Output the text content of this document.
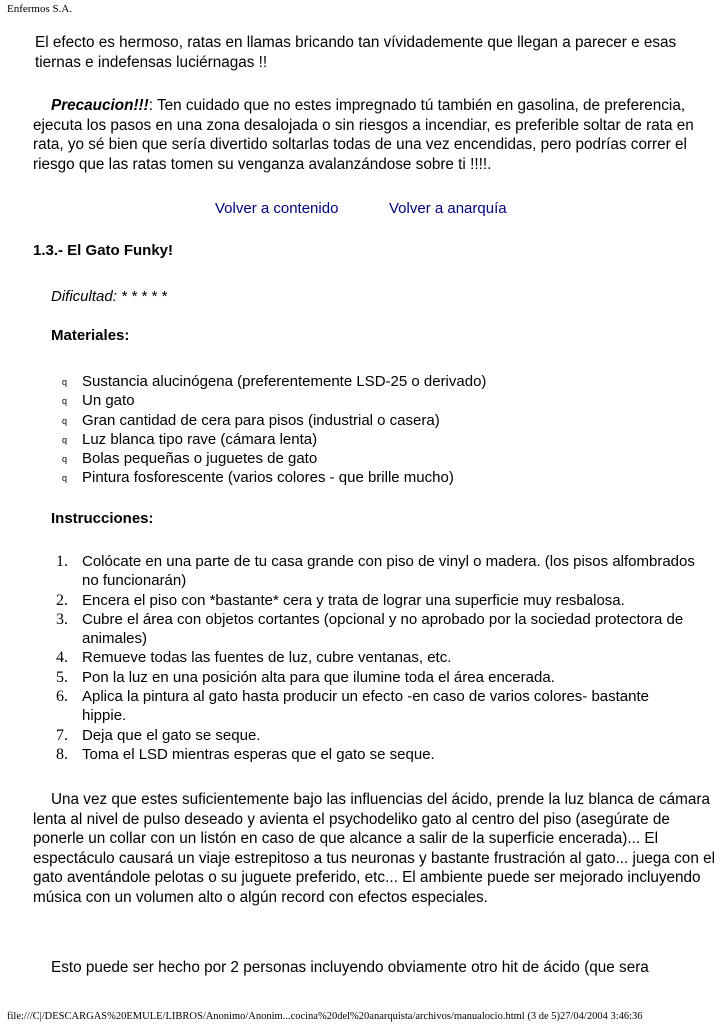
Enfermos S.A.
El efecto es hermoso, ratas en llamas bricando tan vívidademente que llegan a parecer e esas tiernas e indefensas luciérnagas !!
Precaucion!!!: Ten cuidado que no estes impregnado tú también en gasolina, de preferencia, ejecuta los pasos en una zona desalojada o sin riesgos a incendiar, es preferible soltar de rata en rata, yo sé bien que sería divertido soltarlas todas de una vez encendidas, pero podrías correr el riesgo que las ratas tomen su venganza avalanzándose sobre ti !!!!.
Volver a contenido	Volver a anarquía
1.3.- El Gato Funky!
Dificultad: * * * * *
Materiales:
q Sustancia alucinógena (preferentemente LSD-25 o derivado)
q Un gato
q Gran cantidad de cera para pisos (industrial o casera)
q Luz blanca tipo rave (cámara lenta)
q Bolas pequeñas o juguetes de gato
q Pintura fosforescente (varios colores - que brille mucho)
Instrucciones:
1. Colócate en una parte de tu casa grande con piso de vinyl o madera. (los pisos alfombrados no funcionarán)
2. Encera el piso con *bastante* cera y trata de lograr una superficie muy resbalosa.
3. Cubre el área con objetos cortantes (opcional y no aprobado por la sociedad protectora de animales)
4. Remueve todas las fuentes de luz, cubre ventanas, etc.
5. Pon la luz en una posición alta para que ilumine toda el área encerada.
6. Aplica la pintura al gato hasta producir un efecto -en caso de varios colores- bastante hippie.
7. Deja que el gato se seque.
8. Toma el LSD mientras esperas que el gato se seque.
Una vez que estes suficientemente bajo las influencias del ácido, prende la luz blanca de cámara lenta al nivel de pulso deseado y avienta el psychodeliko gato al centro del piso (asegúrate de ponerle un collar con un listón en caso de que alcance a salir de la superficie encerada)... El espectáculo causará un viaje estrepitoso a tus neuronas y bastante frustración al gato... juega con el gato aventándole pelotas o su juguete preferido, etc... El ambiente puede ser mejorado incluyendo música con un volumen alto o algún record con efectos especiales.
Esto puede ser hecho por 2 personas incluyendo obviamente otro hit de ácido (que sera
file:///C|/DESCARGAS%20EMULE/LIBROS/Anonimo/Anonim...cocina%20del%20anarquista/archivos/manualocio.html (3 de 5)27/04/2004 3:46:36
